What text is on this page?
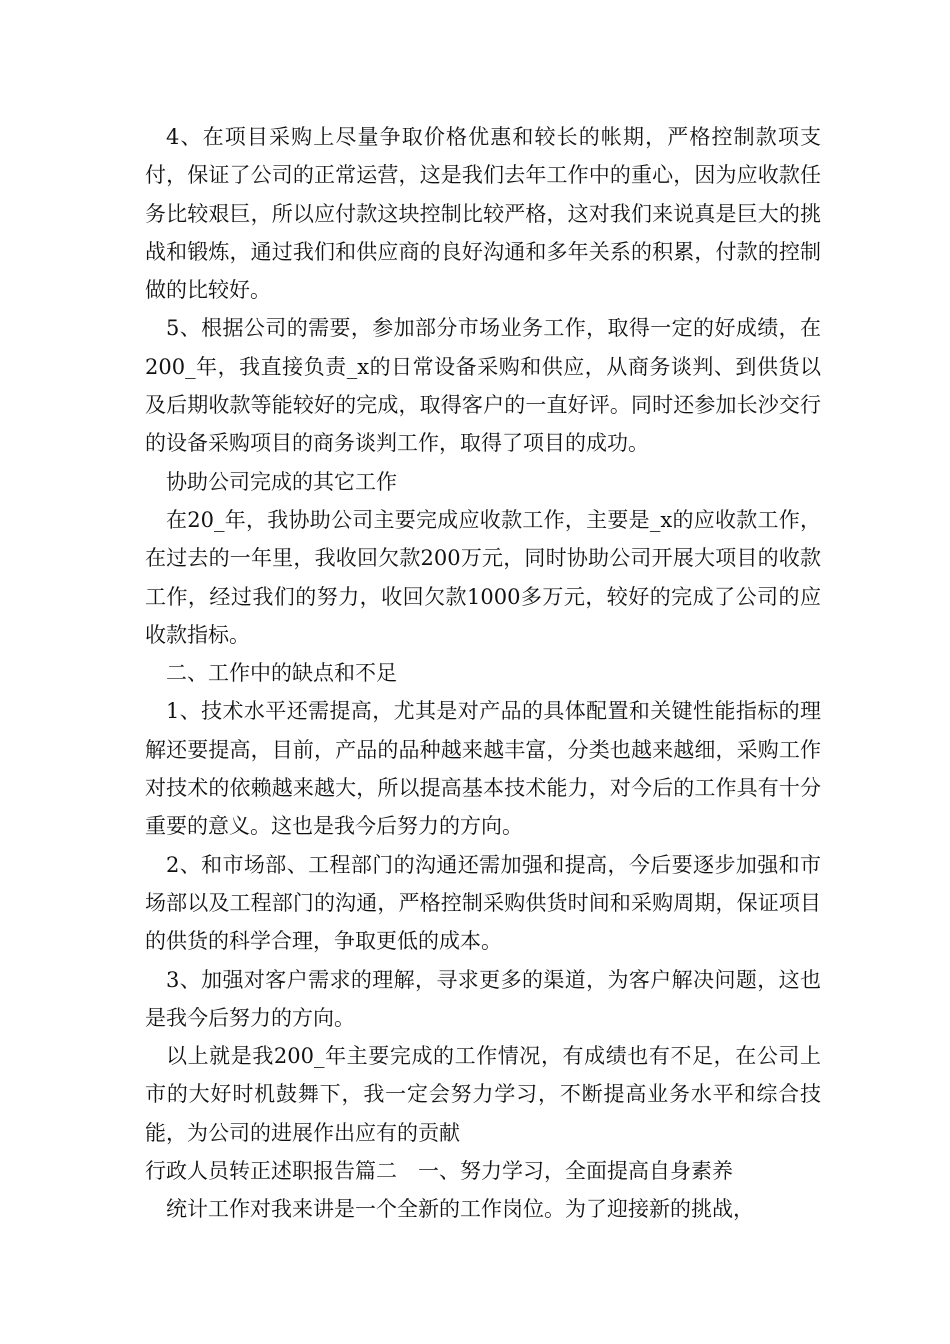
4、在项目采购上尽量争取价格优惠和较长的帐期，严格控制款项支付，保证了公司的正常运营，这是我们去年工作中的重心，因为应收款任务比较艰巨，所以应付款这块控制比较严格，这对我们来说真是巨大的挑战和锻炼，通过我们和供应商的良好沟通和多年关系的积累，付款的控制做的比较好。

5、根据公司的需要，参加部分市场业务工作，取得一定的好成绩，在200_年，我直接负责_x的日常设备采购和供应，从商务谈判、到供货以及后期收款等能较好的完成，取得客户的一直好评。同时还参加长沙交行的设备采购项目的商务谈判工作，取得了项目的成功。

协助公司完成的其它工作

在20_年，我协助公司主要完成应收款工作，主要是_x的应收款工作，在过去的一年里，我收回欠款200万元，同时协助公司开展大项目的收款工作，经过我们的努力，收回欠款1000多万元，较好的完成了公司的应收款指标。

二、工作中的缺点和不足

1、技术水平还需提高，尤其是对产品的具体配置和关键性能指标的理解还要提高，目前，产品的品种越来越丰富，分类也越来越细，采购工作对技术的依赖越来越大，所以提高基本技术能力，对今后的工作具有十分重要的意义。这也是我今后努力的方向。

2、和市场部、工程部门的沟通还需加强和提高，今后要逐步加强和市场部以及工程部门的沟通，严格控制采购供货时间和采购周期，保证项目的供货的科学合理，争取更低的成本。

3、加强对客户需求的理解，寻求更多的渠道，为客户解决问题，这也是我今后努力的方向。

以上就是我200_年主要完成的工作情况，有成绩也有不足，在公司上市的大好时机鼓舞下，我一定会努力学习，不断提高业务水平和综合技能，为公司的进展作出应有的贡献

行政人员转正述职报告篇二　一、努力学习，全面提高自身素养

统计工作对我来讲是一个全新的工作岗位。为了迎接新的挑战，
